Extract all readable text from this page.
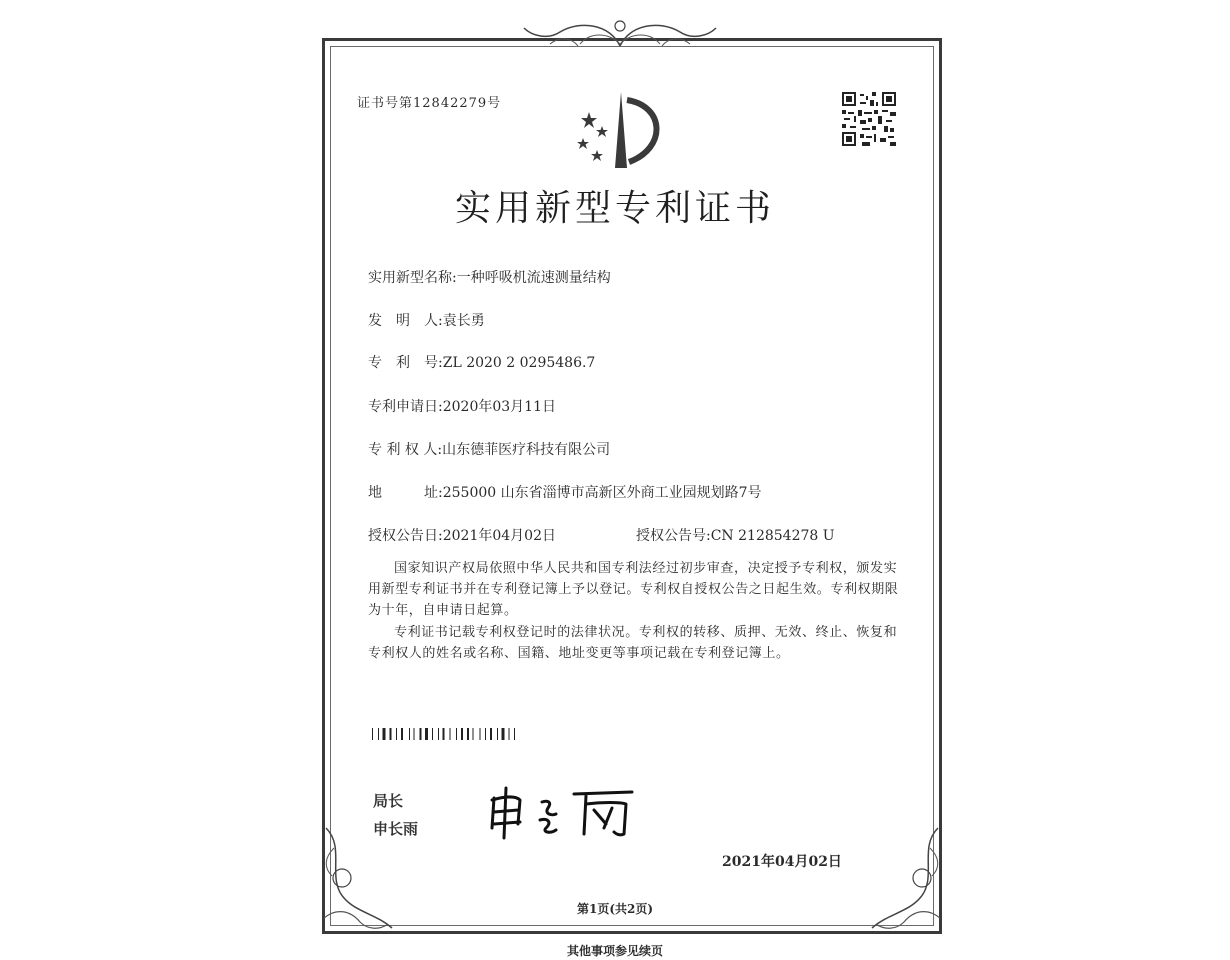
证书号第12842279号
实用新型专利证书
实用新型名称:一种呼吸机流速测量结构
发　明　人:袁长勇
专　利　号:ZL 2020 2 0295486.7
专利申请日:2020年03月11日
专 利 权 人:山东德菲医疗科技有限公司
地　　　址:255000 山东省淄博市高新区外商工业园规划路7号
授权公告日:2021年04月02日	授权公告号:CN 212854278 U
国家知识产权局依照中华人民共和国专利法经过初步审查，决定授予专利权，颁发实用新型专利证书并在专利登记簿上予以登记。专利权自授权公告之日起生效。专利权期限为十年，自申请日起算。
专利证书记载专利权登记时的法律状况。专利权的转移、质押、无效、终止、恢复和专利权人的姓名或名称、国籍、地址变更等事项记载在专利登记簿上。
局长
申长雨
2021年04月02日
第1页(共2页)
其他事项参见续页
